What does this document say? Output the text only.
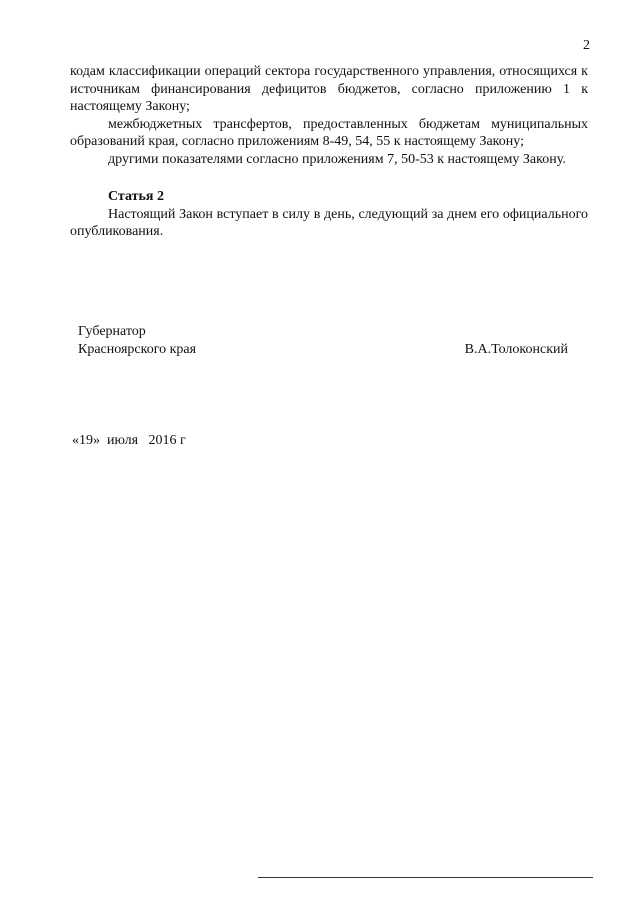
2

кодам классификации операций сектора государственного управления, относящихся к источникам финансирования дефицитов бюджетов, согласно приложению 1 к настоящему Закону;

межбюджетных трансфертов, предоставленных бюджетам муниципальных образований края, согласно приложениям 8-49, 54, 55 к настоящему Закону;

другими показателями согласно приложениям 7, 50-53 к настоящему Закону.

Статья 2

Настоящий Закон вступает в силу в день, следующий за днем его официального опубликования.

Губернатор
Красноярского края	В.А.Толоконский
«19»  июля   2016 г
